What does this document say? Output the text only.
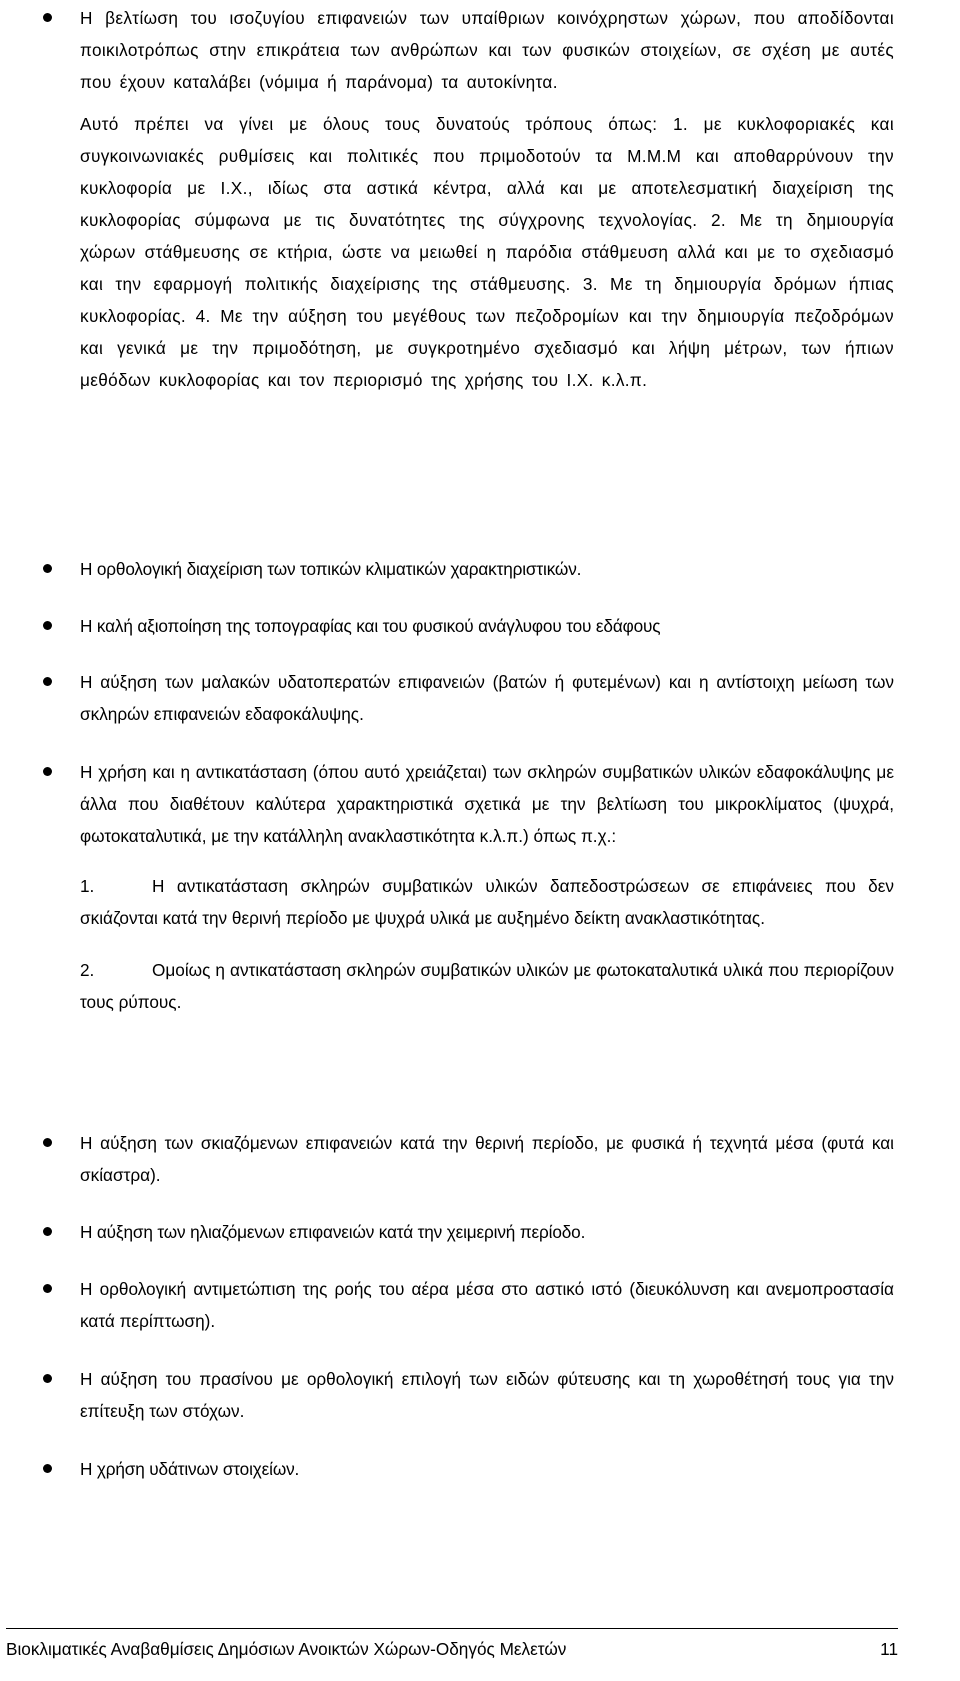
Η βελτίωση του ισοζυγίου επιφανειών των υπαίθριων κοινόχρηστων χώρων, που αποδίδονται ποικιλοτρόπως στην επικράτεια των ανθρώπων και των φυσικών στοιχείων, σε σχέση με αυτές που έχουν καταλάβει (νόμιμα ή παράνομα) τα αυτοκίνητα.

Αυτό πρέπει να γίνει με όλους τους δυνατούς τρόπους όπως: 1. με κυκλοφοριακές και συγκοινωνιακές ρυθμίσεις και πολιτικές που πριμοδοτούν τα Μ.Μ.Μ και αποθαρρύνουν την κυκλοφορία με Ι.Χ., ιδίως στα αστικά κέντρα, αλλά και με αποτελεσματική διαχείριση της κυκλοφορίας σύμφωνα με τις δυνατότητες της σύγχρονης τεχνολογίας. 2. Με τη δημιουργία χώρων στάθμευσης σε κτήρια, ώστε να μειωθεί η παρόδια στάθμευση αλλά και με το σχεδιασμό και την εφαρμογή πολιτικής διαχείρισης της στάθμευσης. 3. Με τη δημιουργία δρόμων ήπιας κυκλοφορίας. 4. Με την αύξηση του μεγέθους των πεζοδρομίων και την δημιουργία πεζοδρόμων και γενικά με την πριμοδότηση, με συγκροτημένο σχεδιασμό και λήψη μέτρων, των ήπιων μεθόδων κυκλοφορίας και τον περιορισμό της χρήσης του Ι.Χ. κ.λ.π.

Η ορθολογική διαχείριση των τοπικών κλιματικών χαρακτηριστικών.

Η καλή αξιοποίηση της τοπογραφίας και του φυσικού ανάγλυφου του εδάφους

Η αύξηση των μαλακών υδατοπερατών επιφανειών (βατών ή φυτεμένων) και η αντίστοιχη μείωση των σκληρών επιφανειών εδαφοκάλυψης.

Η χρήση και η αντικατάσταση (όπου αυτό χρειάζεται) των σκληρών συμβατικών υλικών εδαφοκάλυψης με άλλα που διαθέτουν καλύτερα χαρακτηριστικά σχετικά με την βελτίωση του μικροκλίματος (ψυχρά, φωτοκαταλυτικά, με την κατάλληλη ανακλαστικότητα κ.λ.π.) όπως π.χ.:

1.	Η αντικατάσταση σκληρών συμβατικών υλικών δαπεδοστρώσεων σε επιφάνειες που δεν σκιάζονται κατά την θερινή περίοδο με ψυχρά υλικά με αυξημένο δείκτη ανακλαστικότητας.
2.	Ομοίως η αντικατάσταση σκληρών συμβατικών υλικών με φωτοκαταλυτικά υλικά που περιορίζουν τους ρύπους.

Η αύξηση των σκιαζόμενων επιφανειών κατά την θερινή περίοδο, με φυσικά ή τεχνητά μέσα (φυτά και σκίαστρα).

Η αύξηση των ηλιαζόμενων επιφανειών κατά την χειμερινή περίοδο.

Η ορθολογική αντιμετώπιση της ροής του αέρα μέσα στο αστικό ιστό (διευκόλυνση και ανεμοπροστασία κατά περίπτωση).

Η αύξηση του πρασίνου με ορθολογική επιλογή των ειδών φύτευσης και τη χωροθέτησή τους για την επίτευξη των στόχων.

Η χρήση υδάτινων στοιχείων.

Βιοκλιματικές Αναβαθμίσεις Δημόσιων Ανοικτών Χώρων-Οδηγός Μελετών	11
